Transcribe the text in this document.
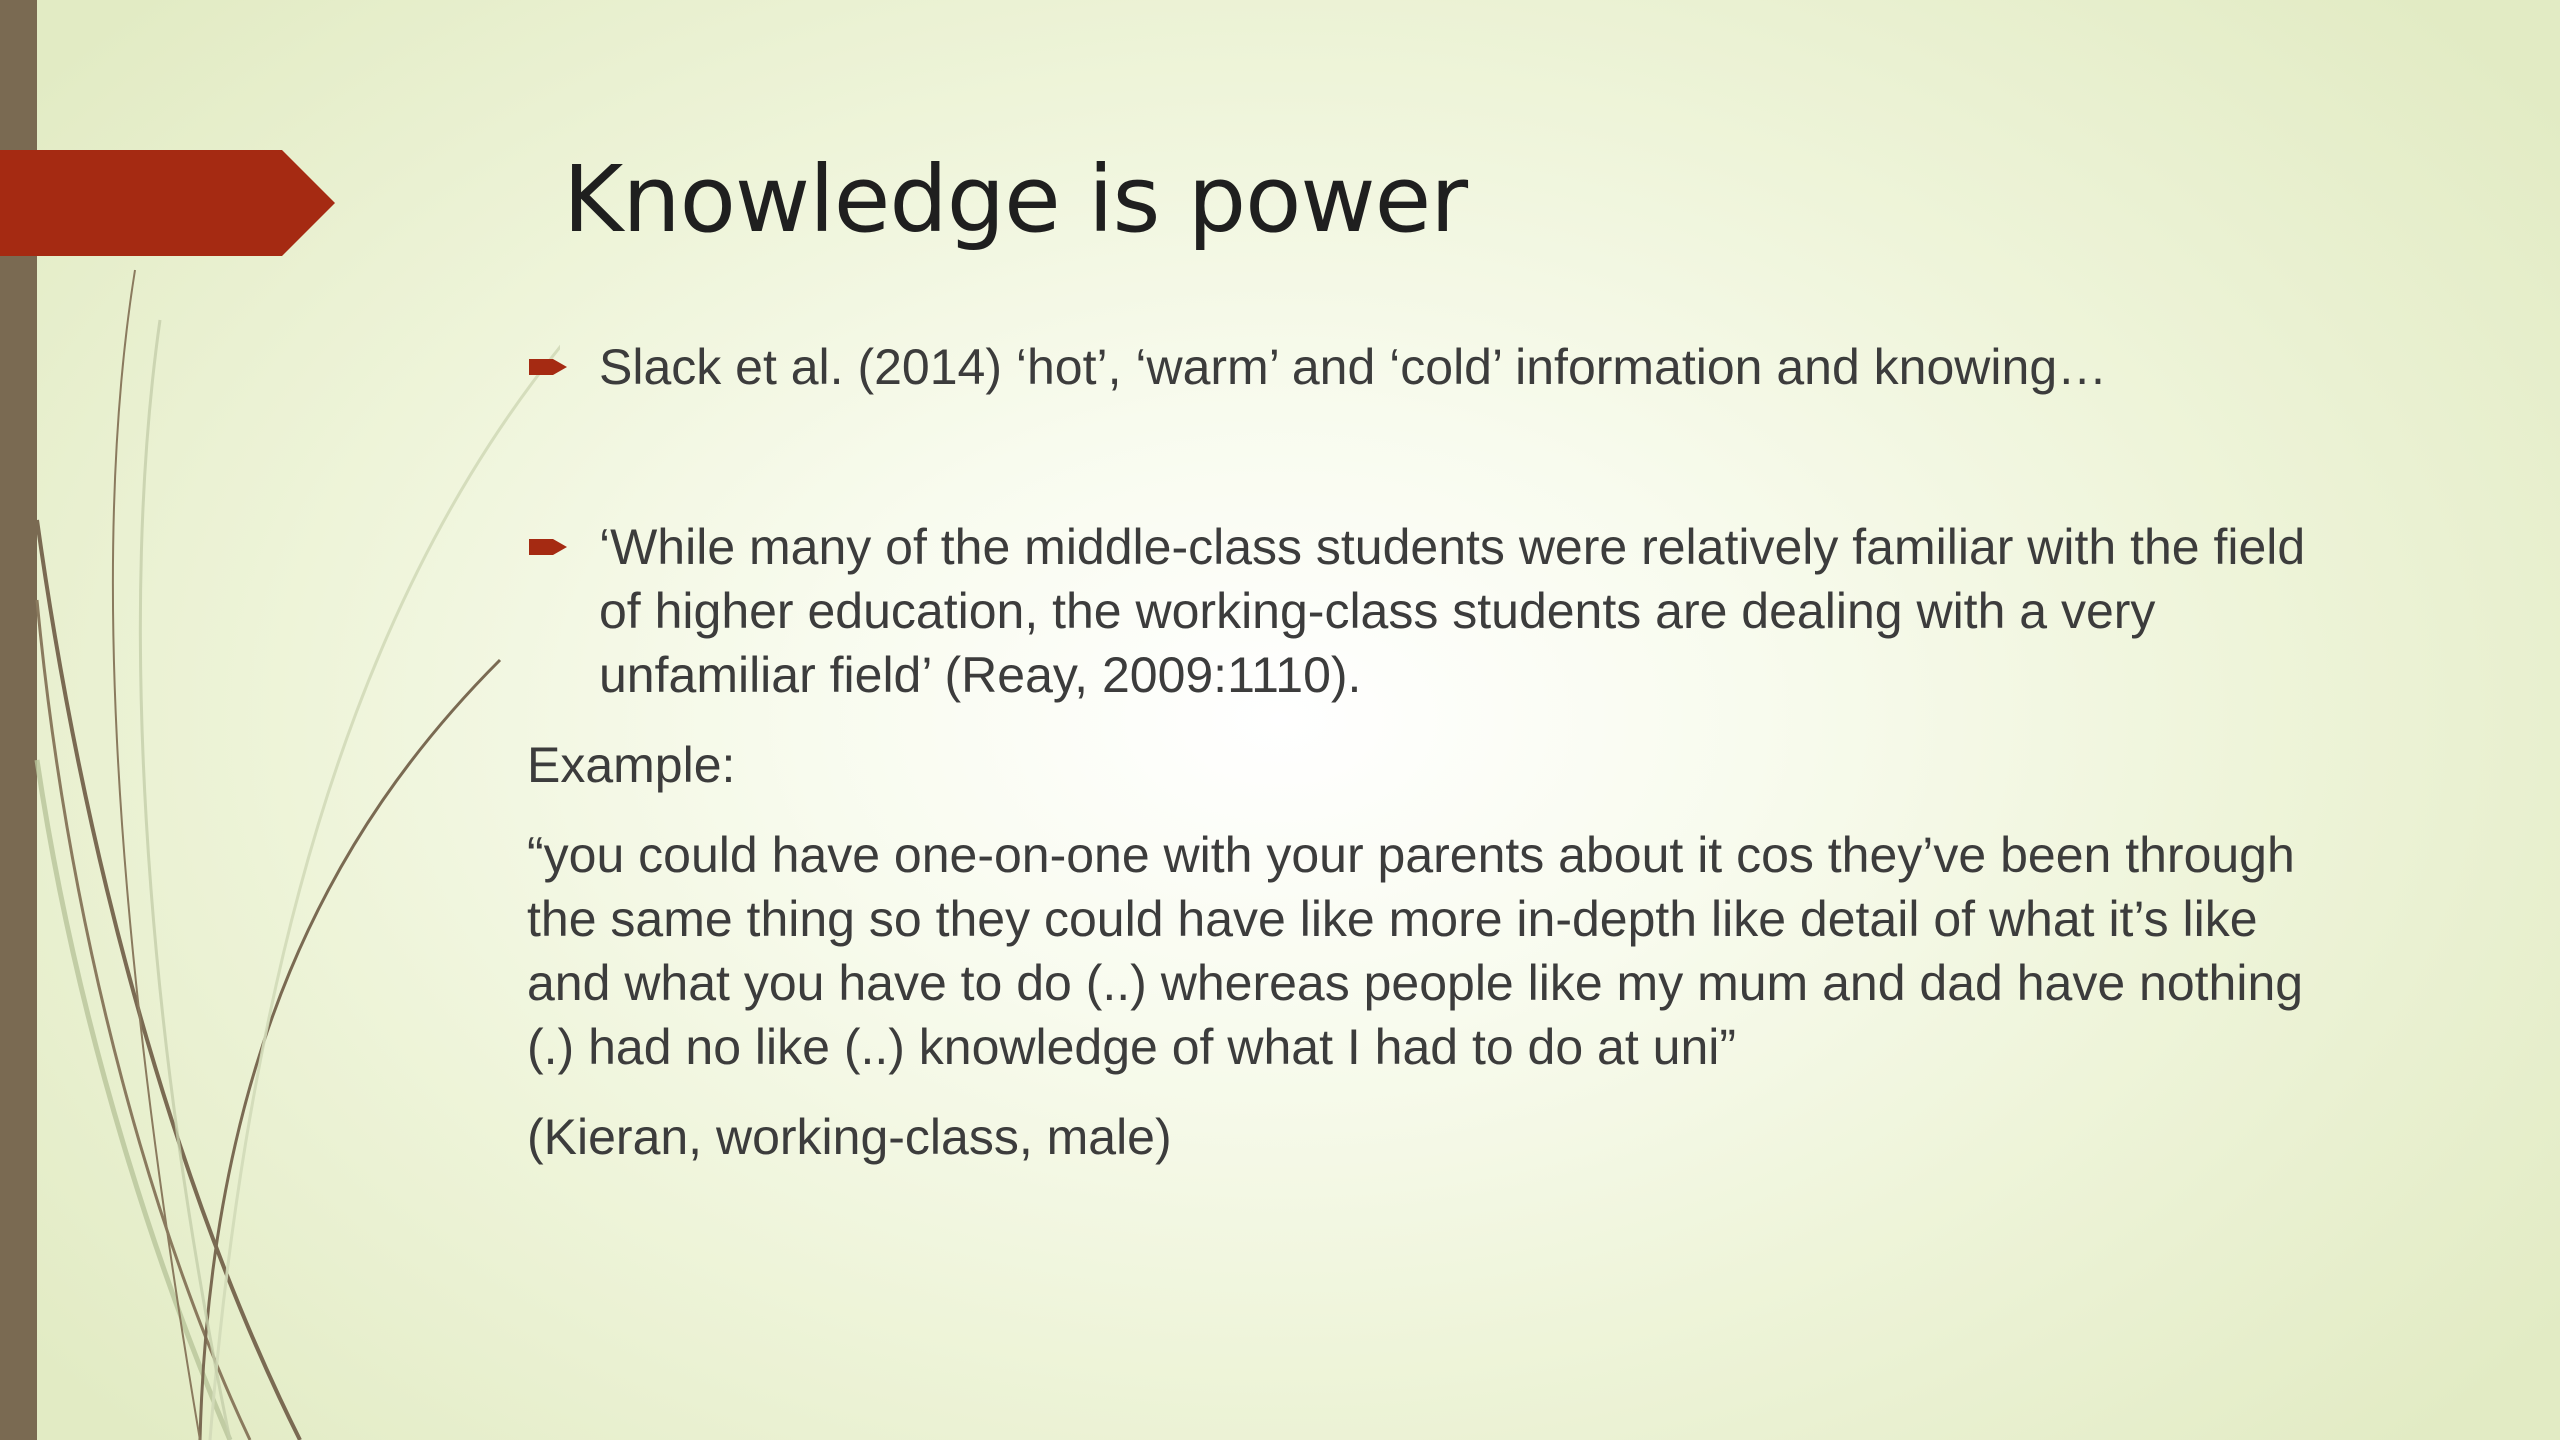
Knowledge is power

Slack et al. (2014) ‘hot’, ‘warm’ and ‘cold’ information and knowing…

‘While many of the middle-class students were relatively familiar with the field of higher education, the working-class students are dealing with a very unfamiliar field’ (Reay, 2009:1110).

Example:

“you could have one-on-one with your parents about it cos they’ve been through the same thing so they could have like more in-depth like detail of what it’s like and what you have to do (..) whereas people like my mum and dad have nothing (.) had no like (..) knowledge of what I had to do at uni”

(Kieran, working-class, male)
